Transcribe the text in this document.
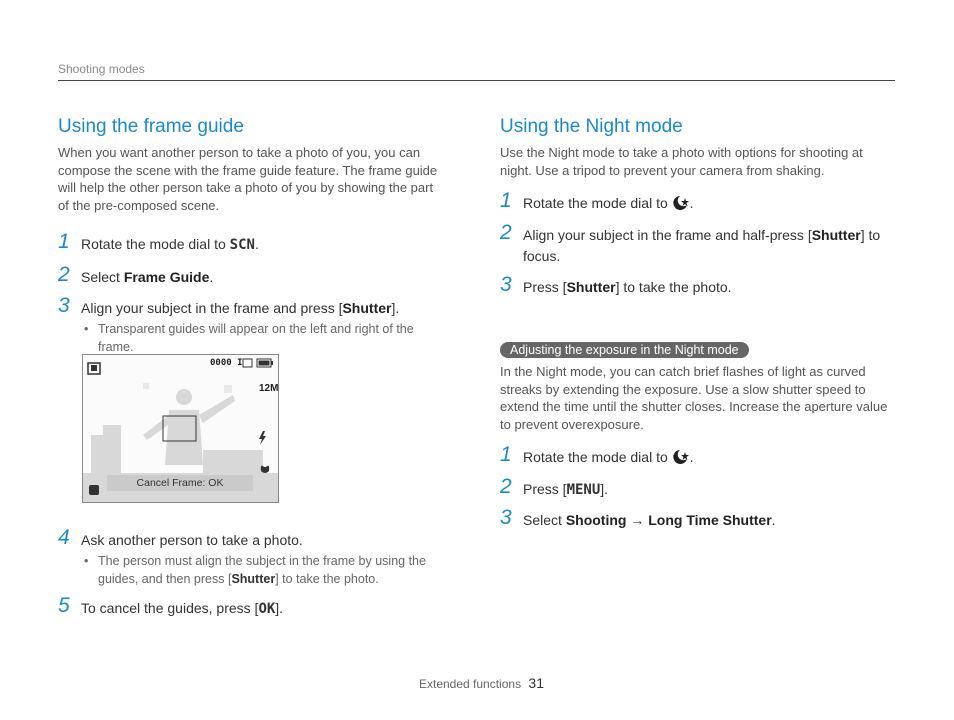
Shooting modes
Using the frame guide

When you want another person to take a photo of you, you can compose the scene with the frame guide feature. The frame guide will help the other person take a photo of you by showing the part of the pre-composed scene.

1 Rotate the mode dial to SCN.
2 Select Frame Guide.
3 Align your subject in the frame and press [Shutter].
• Transparent guides will appear on the left and right of the frame.
0000 I
12M
Cancel Frame: OK
4 Ask another person to take a photo.
• The person must align the subject in the frame by using the guides, and then press [Shutter] to take the photo.
5 To cancel the guides, press [OK].
Using the Night mode

Use the Night mode to take a photo with options for shooting at night. Use a tripod to prevent your camera from shaking.

1 Rotate the mode dial to .
2 Align your subject in the frame and half-press [Shutter] to focus.
3 Press [Shutter] to take the photo.
Adjusting the exposure in the Night mode

In the Night mode, you can catch brief flashes of light as curved streaks by extending the exposure. Use a slow shutter speed to extend the time until the shutter closes. Increase the aperture value to prevent overexposure.

1 Rotate the mode dial to .
2 Press [MENU].
3 Select Shooting → Long Time Shutter.
Extended functions 31
